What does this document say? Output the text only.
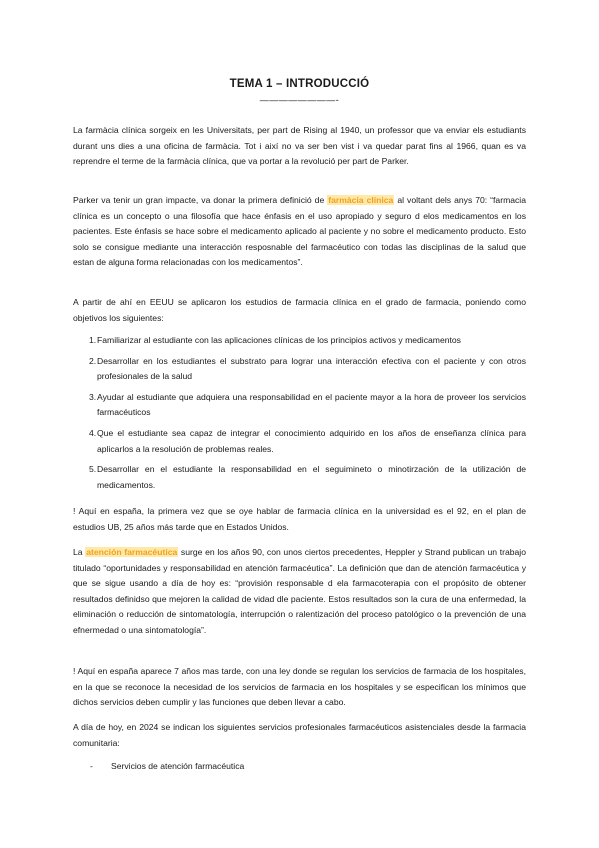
TEMA 1 – INTRODUCCIÓ
————————-

La farmàcia clínica sorgeix en les Universitats, per part de Rising al 1940, un professor que va enviar els estudiants durant uns dies a una oficina de farmàcia. Tot i així no va ser ben vist i va quedar parat fins al 1966, quan es va reprendre el terme de la farmàcia clínica, que va portar a la revolució per part de Parker.

Parker va tenir un gran impacte, va donar la primera definició de farmàcia clínica al voltant dels anys 70: “farmacia clínica es un concepto o una filosofía que hace énfasis en el uso apropiado y seguro d elos medicamentos en los pacientes. Este énfasis se hace sobre el medicamento aplicado al paciente y no sobre el medicamento producto. Esto solo se consigue mediante una interacción resposnable del farmacéutico con todas las disciplinas de la salud que estan de alguna forma relacionadas con los medicamentos”.

A partir de ahí en EEUU se aplicaron los estudios de farmacia clínica en el grado de farmacia, poniendo como objetivos los siguientes:

1. Familiarizar al estudiante con las aplicaciones clínicas de los principios activos y medicamentos
2. Desarrollar en los estudiantes el substrato para lograr una interacción efectiva con el paciente y con otros profesionales de la salud
3. Ayudar al estudiante que adquiera una responsabilidad en el paciente mayor a la hora de proveer los servicios farmacéuticos
4. Que el estudiante sea capaz de integrar el conocimiento adquirido en los años de enseñanza clínica para aplicarlos a la resolución de problemas reales.
5. Desarrollar en el estudiante la responsabilidad en el seguimineto o minotirzación de la utilización de medicamentos.

! Aquí en españa, la primera vez que se oye hablar de farmacia clínica en la universidad es el 92, en el plan de estudios UB, 25 años más tarde que en Estados Unidos.

La atención farmacéutica surge en los años 90, con unos ciertos precedentes, Heppler y Strand publican un trabajo titulado “oportunidades y responsabilidad en atención farmacéutica”. La definición que dan de atención farmacéutica y que se sigue usando a día de hoy es: “provisión responsable d ela farmacoterapia con el propósito de obtener resultados definidso que mejoren la calidad de vidad dle paciente. Estos resultados son la cura de una enfermedad, la eliminación o reducción de sintomatología, interrupción o ralentización del proceso patológico o la prevención de una efnermedad o una sintomatología”.

! Aquí en españa aparece 7 años mas tarde, con una ley donde se regulan los servicios de farmacia de los hospitales, en la que se reconoce la necesidad de los servicios de farmacia en los hospitales y se especifican los mínimos que dichos servicios deben cumplir y las funciones que deben llevar a cabo.

A día de hoy, en 2024 se indican los siguientes servicios profesionales farmacéuticos asistenciales desde la farmacia comunitaria:

- Servicios de atención farmacéutica
